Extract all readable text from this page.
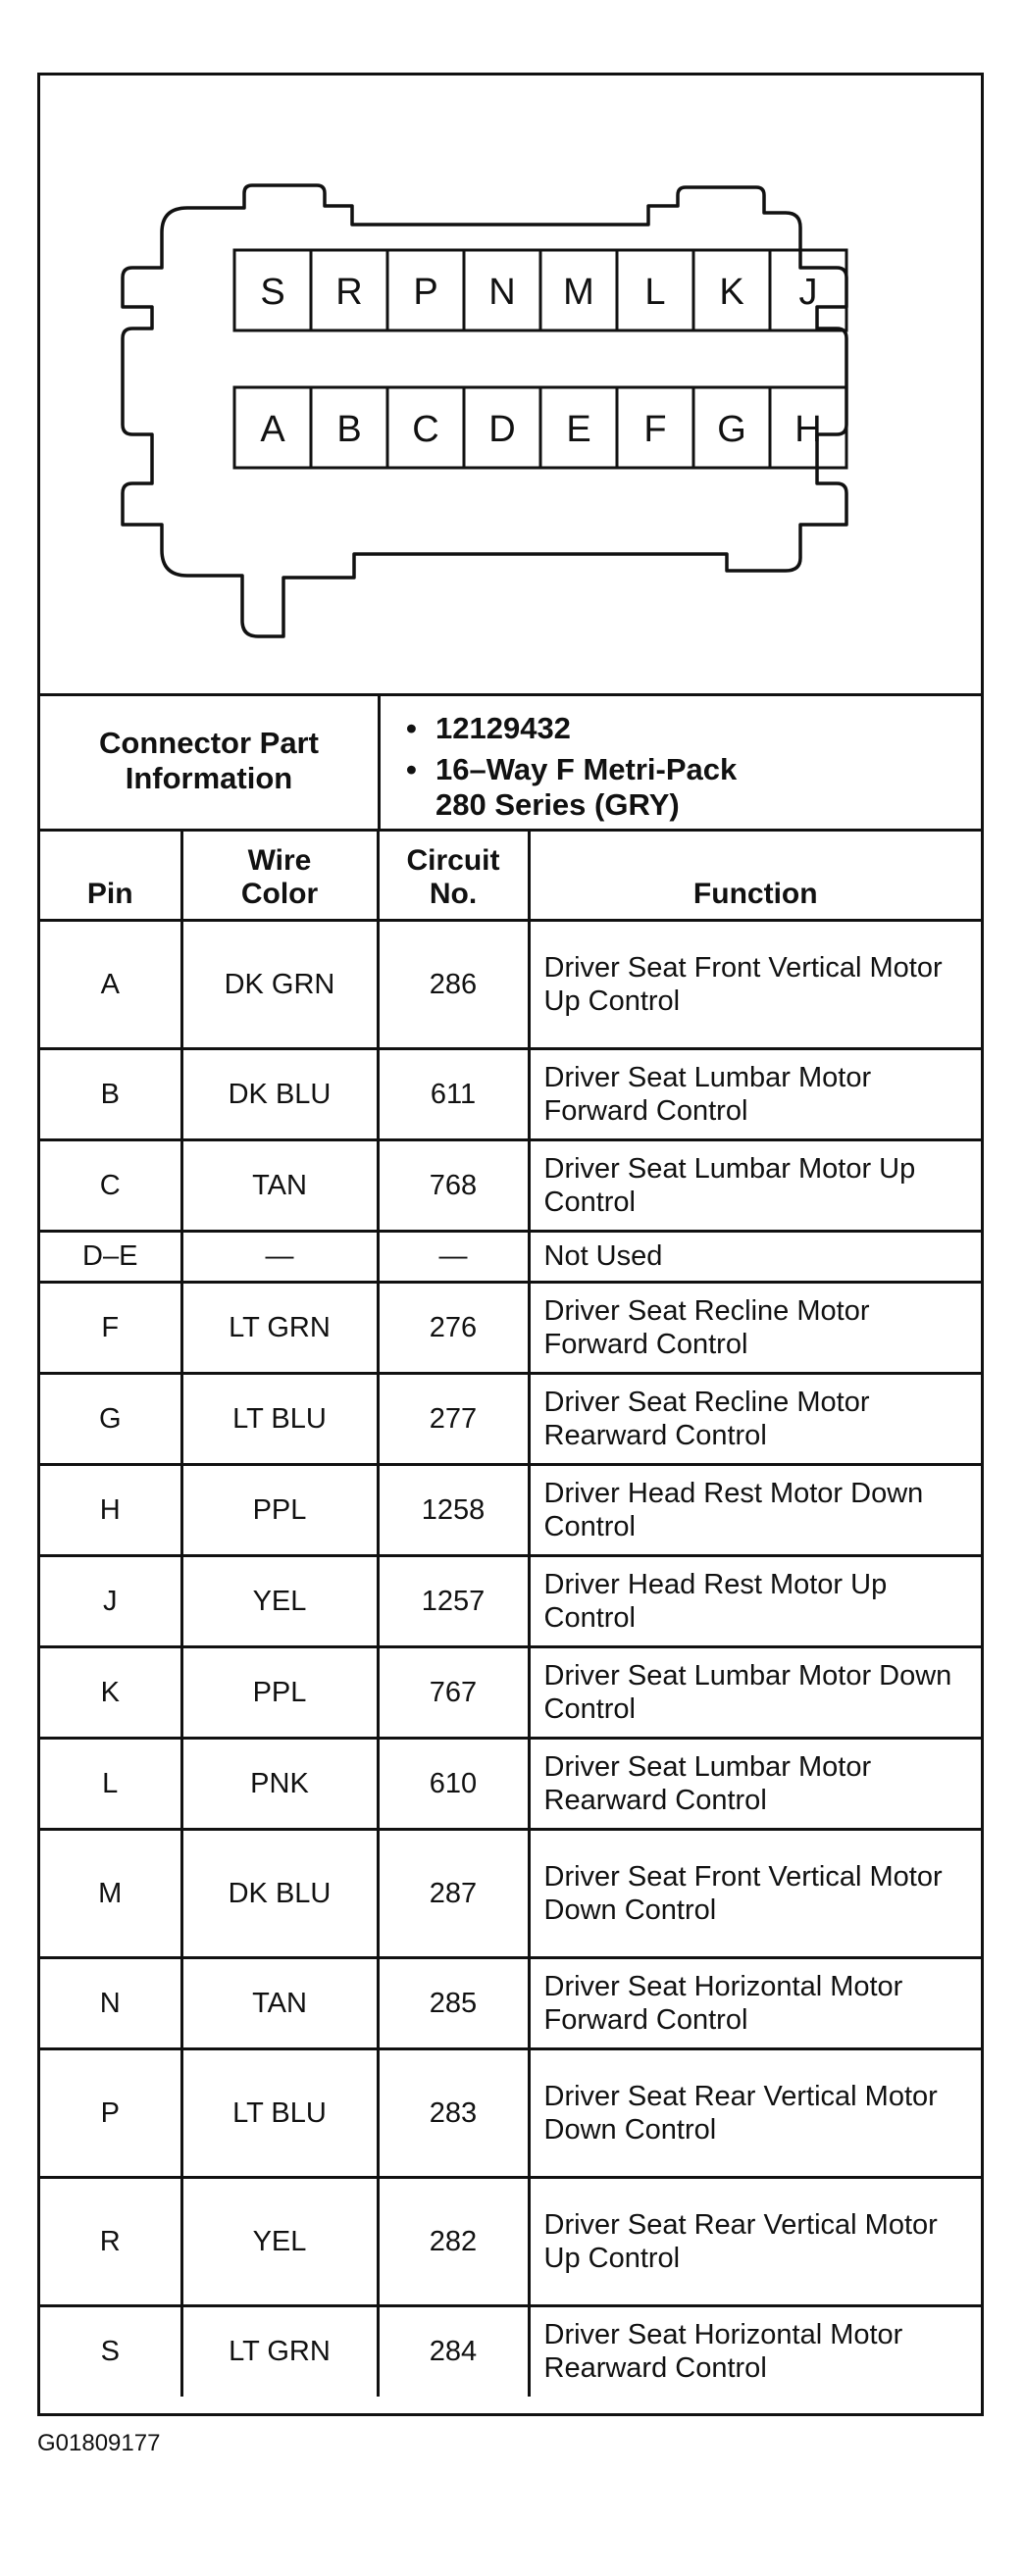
S R P N M L K J
A B C D E F G H
Connector Part Information
• 12129432
• 16–Way F Metri-Pack 280 Series (GRY)
Pin	Wire Color	Circuit No.	Function
A	DK GRN	286	Driver Seat Front Vertical Motor Up Control
B	DK BLU	611	Driver Seat Lumbar Motor Forward Control
C	TAN	768	Driver Seat Lumbar Motor Up Control
D–E	—	—	Not Used
F	LT GRN	276	Driver Seat Recline Motor Forward Control
G	LT BLU	277	Driver Seat Recline Motor Rearward Control
H	PPL	1258	Driver Head Rest Motor Down Control
J	YEL	1257	Driver Head Rest Motor Up Control
K	PPL	767	Driver Seat Lumbar Motor Down Control
L	PNK	610	Driver Seat Lumbar Motor Rearward Control
M	DK BLU	287	Driver Seat Front Vertical Motor Down Control
N	TAN	285	Driver Seat Horizontal Motor Forward Control
P	LT BLU	283	Driver Seat Rear Vertical Motor Down Control
R	YEL	282	Driver Seat Rear Vertical Motor Up Control
S	LT GRN	284	Driver Seat Horizontal Motor Rearward Control
G01809177
